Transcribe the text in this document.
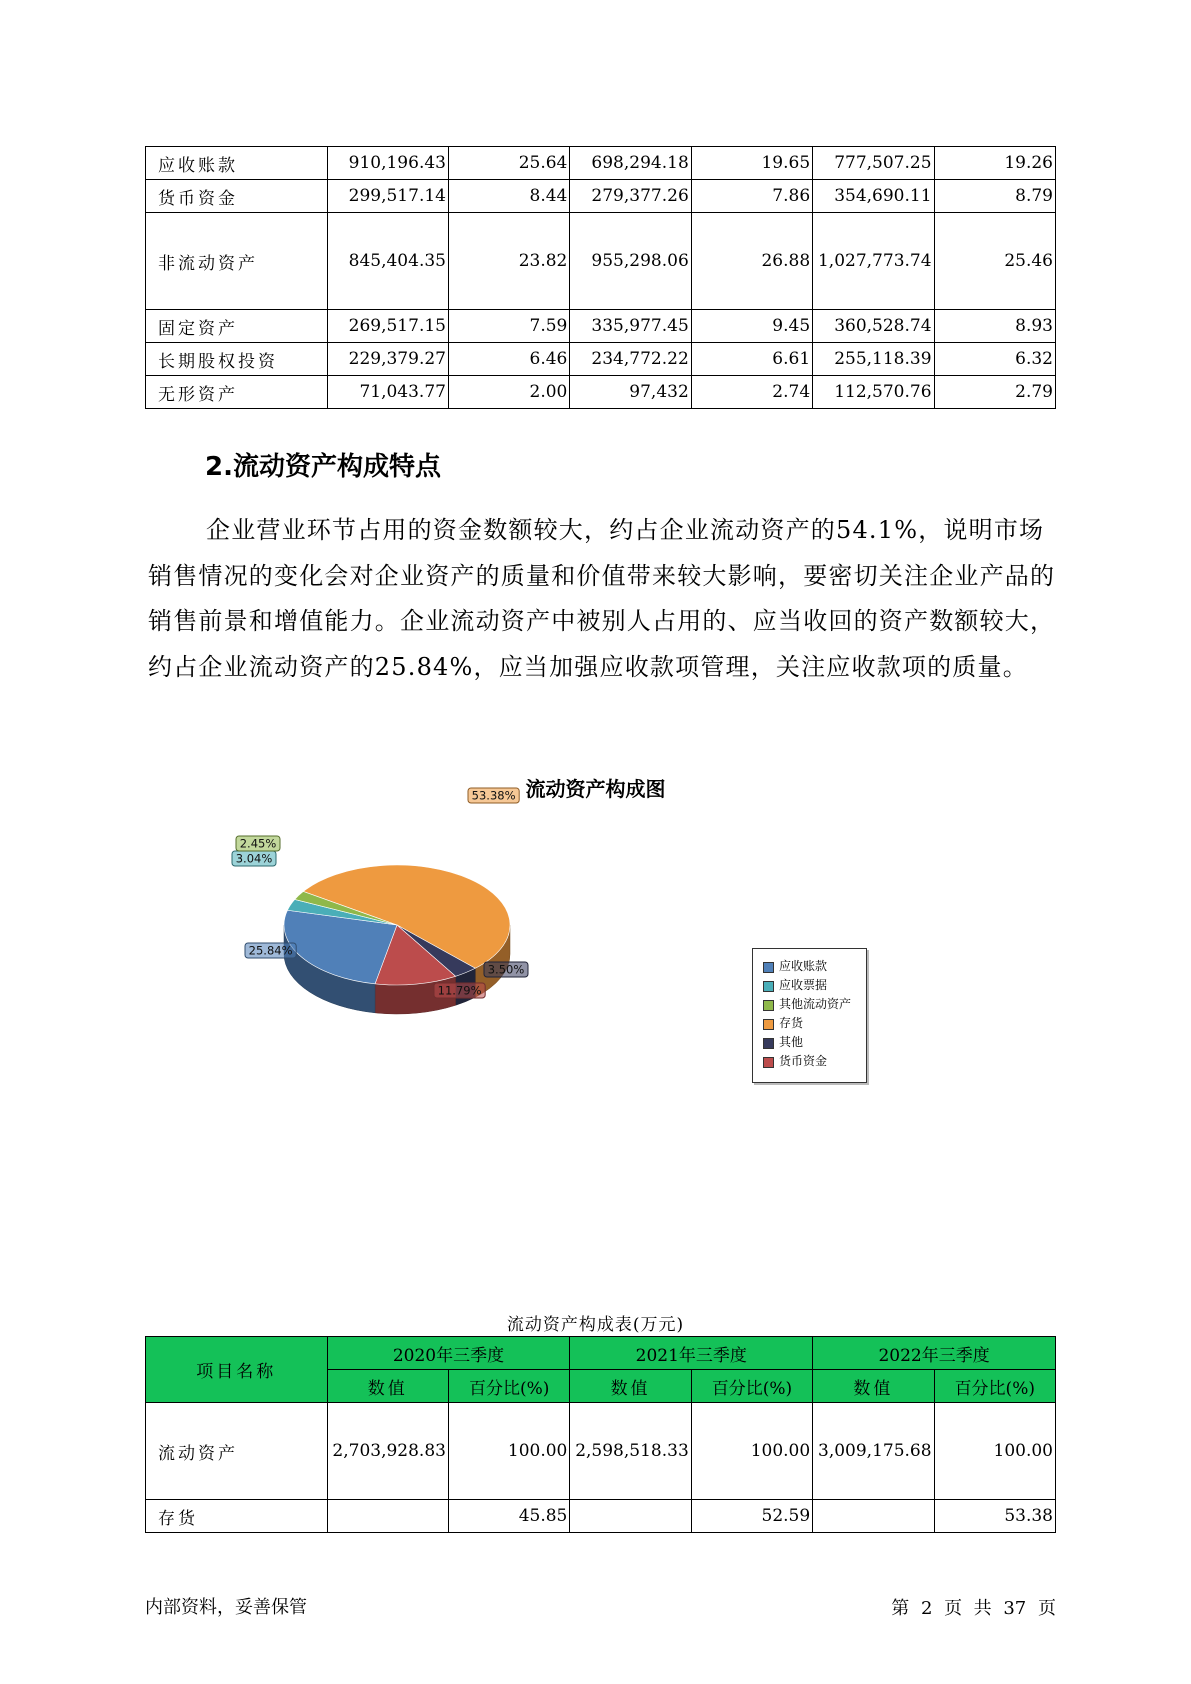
应收账款	910,196.43	25.64	698,294.18	19.65	777,507.25	19.26
货币资金	299,517.14	8.44	279,377.26	7.86	354,690.11	8.79
非流动资产	845,404.35	23.82	955,298.06	26.88	1,027,773.74	25.46
固定资产	269,517.15	7.59	335,977.45	9.45	360,528.74	8.93
长期股权投资	229,379.27	6.46	234,772.22	6.61	255,118.39	6.32
无形资产	71,043.77	2.00	97,432	2.74	112,570.76	2.79
2.流动资产构成特点

企业营业环节占用的资金数额较大，约占企业流动资产的54.1%，说明市场销售情况的变化会对企业资产的质量和价值带来较大影响，要密切关注企业产品的销售前景和增值能力。企业流动资产中被别人占用的、应当收回的资产数额较大，约占企业流动资产的25.84%，应当加强应收款项管理，关注应收款项的质量。

流动资产构成图
25.84%
3.04%
2.45%
53.38%
3.50%
11.79%
应收账款
应收票据
其他流动资产
存货
其他
货币资金
流动资产构成表(万元)
项目名称	2020年三季度		2021年三季度		2022年三季度	
	数值	百分比(%)	数值	百分比(%)	数值	百分比(%)
流动资产	2,703,928.83	100.00	2,598,518.33	100.00	3,009,175.68	100.00
存货		45.85		52.59		53.38
内部资料，妥善保管	第 2 页  共 37 页
